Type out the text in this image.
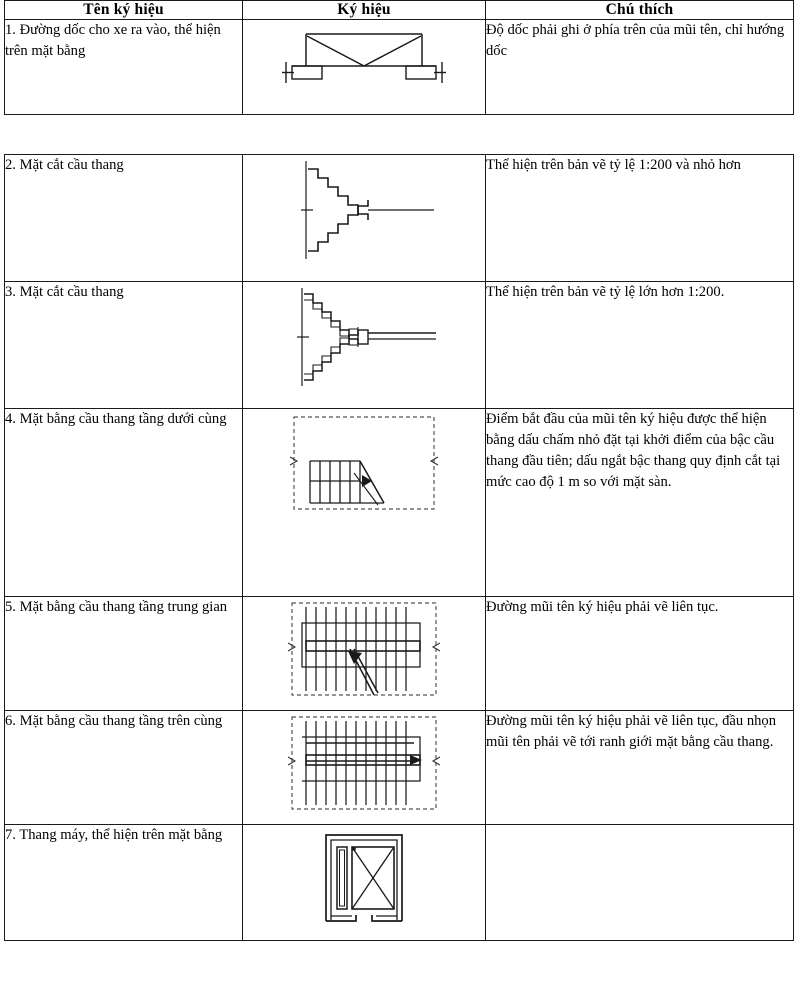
Tên ký hiệu	Ký hiệu	Chú thích
1. Đường dốc cho xe ra vào, thể hiện trên mặt bằng		Độ dốc phải ghi ở phía trên của mũi tên, chỉ hướng dốc
2. Mặt cắt cầu thang		Thể hiện trên bản vẽ tỷ lệ 1:200 và nhỏ hơn
3. Mặt cắt cầu thang		Thể hiện trên bản vẽ tỷ lệ lớn hơn 1:200.
4. Mặt bằng cầu thang tầng dưới cùng		Điểm bắt đầu của mũi tên ký hiệu được thể hiện bằng dấu chấm nhỏ đặt tại khởi điểm của bậc cầu thang đầu tiên; dấu ngắt bậc thang quy định cắt tại mức cao độ 1 m so với mặt sàn.
5. Mặt bằng cầu thang tầng trung gian		Đường mũi tên ký hiệu phải vẽ liên tục.
6. Mặt bằng cầu thang tầng trên cùng		Đường mũi tên ký hiệu phải vẽ liên tục, đầu nhọn mũi tên phải vẽ tới ranh giới mặt bằng cầu thang.
7. Thang máy, thể hiện trên mặt bằng	
